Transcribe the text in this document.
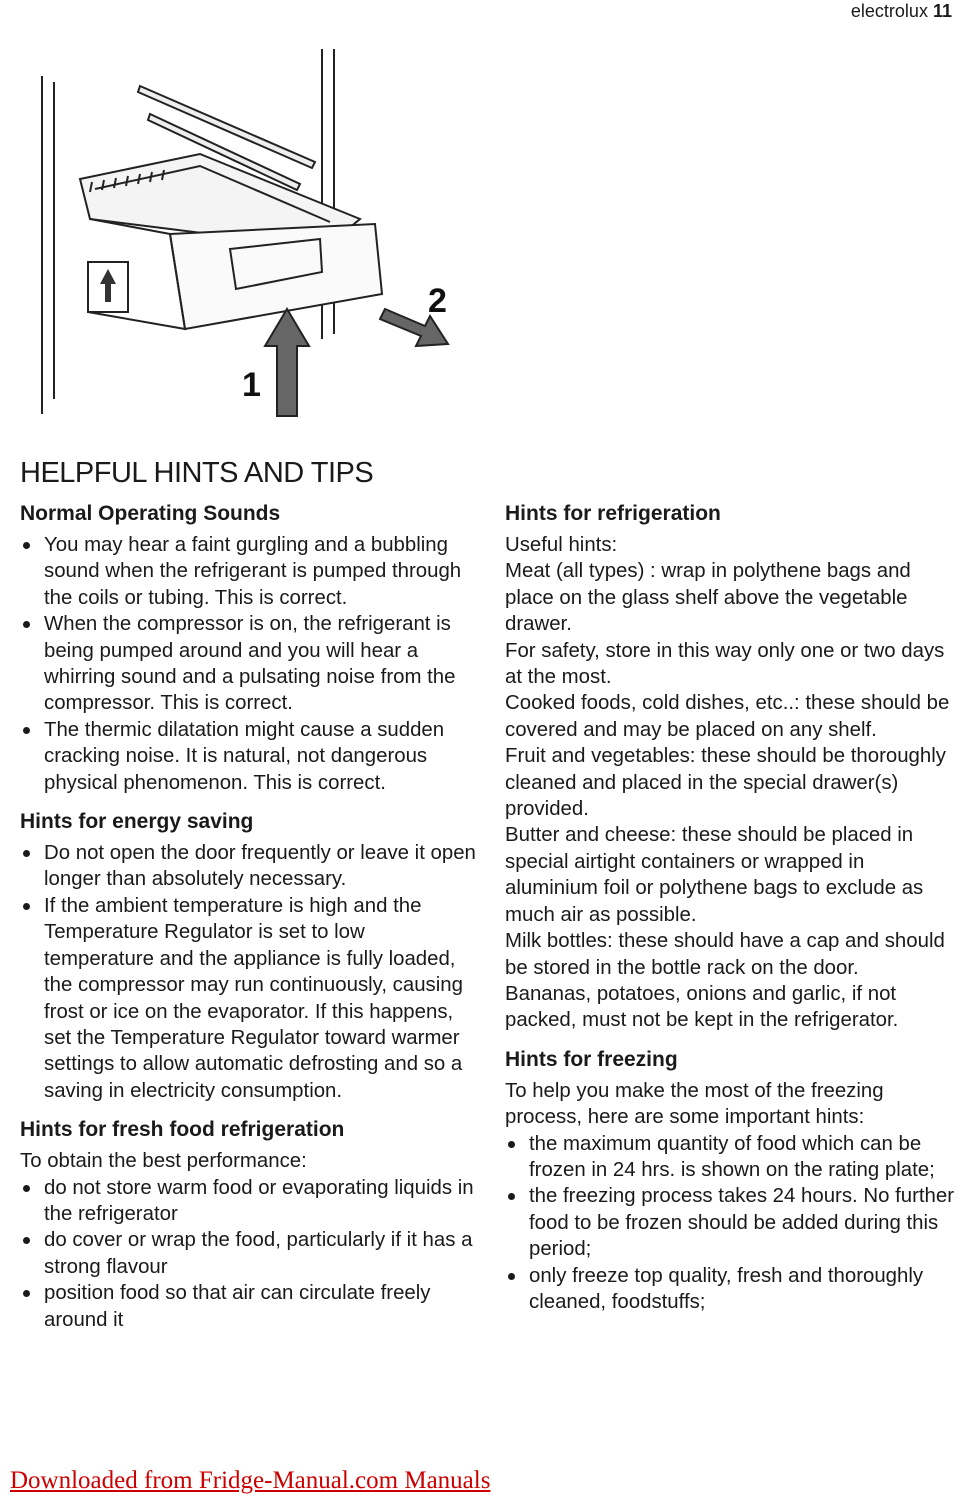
electrolux 11
1
2
HELPFUL HINTS AND TIPS
Normal Operating Sounds
You may hear a faint gurgling and a bubbling sound when the refrigerant is pumped through the coils or tubing. This is correct.
When the compressor is on, the refrigerant is being pumped around and you will hear a whirring sound and a pulsating noise from the compressor. This is correct.
The thermic dilatation might cause a sudden cracking noise. It is natural, not dangerous physical phenomenon. This is correct.
Hints for energy saving
Do not open the door frequently or leave it open longer than absolutely necessary.
If the ambient temperature is high and the Temperature Regulator is set to low temperature and the appliance is fully loaded, the compressor may run continuously, causing frost or ice on the evaporator. If this happens, set the Temperature Regulator toward warmer settings to allow automatic defrosting and so a saving in electricity consumption.
Hints for fresh food refrigeration

To obtain the best performance:

do not store warm food or evaporating liquids in the refrigerator
do cover or wrap the food, particularly if it has a strong flavour
position food so that air can circulate freely around it
Hints for refrigeration

Useful hints:

Meat (all types) : wrap in polythene bags and place on the glass shelf above the vegetable drawer.

For safety, store in this way only one or two days at the most.

Cooked foods, cold dishes, etc..: these should be covered and may be placed on any shelf.

Fruit and vegetables: these should be thoroughly cleaned and placed in the special drawer(s) provided.

Butter and cheese: these should be placed in special airtight containers or wrapped in aluminium foil or polythene bags to exclude as much air as possible.

Milk bottles: these should have a cap and should be stored in the bottle rack on the door.

Bananas, potatoes, onions and garlic, if not packed, must not be kept in the refrigerator.

Hints for freezing

To help you make the most of the freezing process, here are some important hints:

the maximum quantity of food which can be frozen in 24 hrs. is shown on the rating plate;
the freezing process takes 24 hours. No further food to be frozen should be added during this period;
only freeze top quality, fresh and thoroughly cleaned, foodstuffs;
Downloaded from Fridge-Manual.com Manuals
